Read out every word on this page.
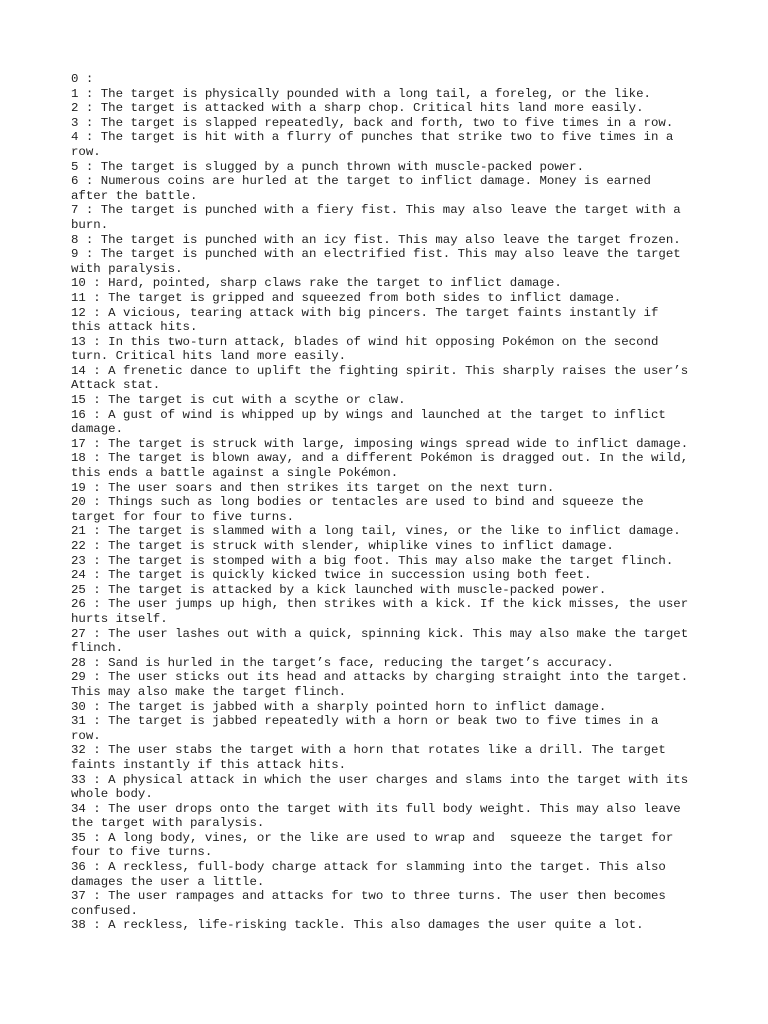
0 :
1 : The target is physically pounded with a long tail, a foreleg, or the like.
2 : The target is attacked with a sharp chop. Critical hits land more easily.
3 : The target is slapped repeatedly, back and forth, two to five times in a row.
4 : The target is hit with a flurry of punches that strike two to five times in a
row.
5 : The target is slugged by a punch thrown with muscle-packed power.
6 : Numerous coins are hurled at the target to inflict damage. Money is earned
after the battle.
7 : The target is punched with a fiery fist. This may also leave the target with a
burn.
8 : The target is punched with an icy fist. This may also leave the target frozen.
9 : The target is punched with an electrified fist. This may also leave the target
with paralysis.
10 : Hard, pointed, sharp claws rake the target to inflict damage.
11 : The target is gripped and squeezed from both sides to inflict damage.
12 : A vicious, tearing attack with big pincers. The target faints instantly if
this attack hits.
13 : In this two-turn attack, blades of wind hit opposing Pokémon on the second
turn. Critical hits land more easily.
14 : A frenetic dance to uplift the fighting spirit. This sharply raises the user’s
Attack stat.
15 : The target is cut with a scythe or claw.
16 : A gust of wind is whipped up by wings and launched at the target to inflict
damage.
17 : The target is struck with large, imposing wings spread wide to inflict damage.
18 : The target is blown away, and a different Pokémon is dragged out. In the wild,
this ends a battle against a single Pokémon.
19 : The user soars and then strikes its target on the next turn.
20 : Things such as long bodies or tentacles are used to bind and squeeze the
target for four to five turns.
21 : The target is slammed with a long tail, vines, or the like to inflict damage.
22 : The target is struck with slender, whiplike vines to inflict damage.
23 : The target is stomped with a big foot. This may also make the target flinch.
24 : The target is quickly kicked twice in succession using both feet.
25 : The target is attacked by a kick launched with muscle-packed power.
26 : The user jumps up high, then strikes with a kick. If the kick misses, the user
hurts itself.
27 : The user lashes out with a quick, spinning kick. This may also make the target
flinch.
28 : Sand is hurled in the target’s face, reducing the target’s accuracy.
29 : The user sticks out its head and attacks by charging straight into the target.
This may also make the target flinch.
30 : The target is jabbed with a sharply pointed horn to inflict damage.
31 : The target is jabbed repeatedly with a horn or beak two to five times in a
row.
32 : The user stabs the target with a horn that rotates like a drill. The target
faints instantly if this attack hits.
33 : A physical attack in which the user charges and slams into the target with its
whole body.
34 : The user drops onto the target with its full body weight. This may also leave
the target with paralysis.
35 : A long body, vines, or the like are used to wrap and  squeeze the target for
four to five turns.
36 : A reckless, full-body charge attack for slamming into the target. This also
damages the user a little.
37 : The user rampages and attacks for two to three turns. The user then becomes
confused.
38 : A reckless, life-risking tackle. This also damages the user quite a lot.
